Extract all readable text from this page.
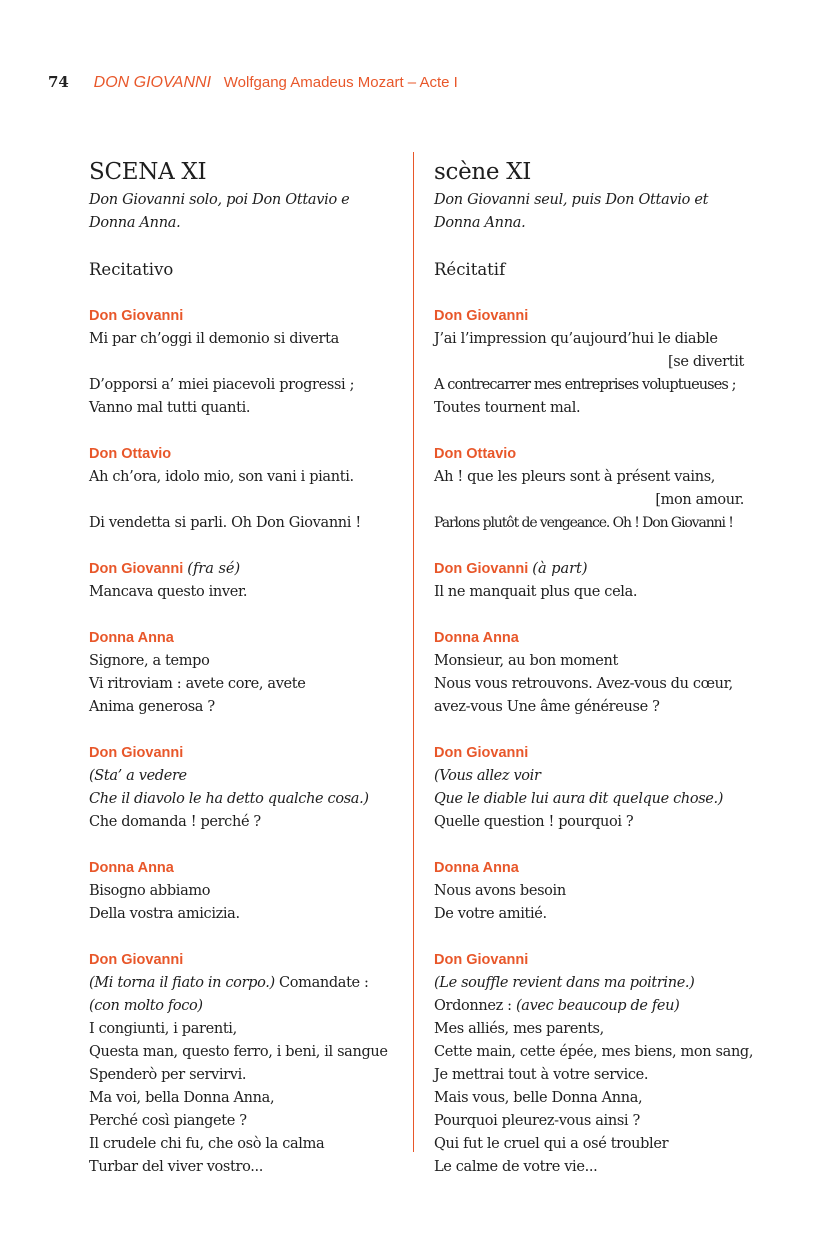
74 DON GIOVANNI Wolfgang Amadeus Mozart – Acte I
SCENA XI
Don Giovanni solo, poi Don Ottavio e Donna Anna.
Recitativo
Don Giovanni
Mi par ch’oggi il demonio si diverta
D’opporsi a’ miei piacevoli progressi ;
Vanno mal tutti quanti.
Don Ottavio
Ah ch’ora, idolo mio, son vani i pianti.
Di vendetta si parli. Oh Don Giovanni !
Don Giovanni (fra sé)
Mancava questo inver.
Donna Anna
Signore, a tempo
Vi ritroviam : avete core, avete
Anima generosa ?
Don Giovanni
(Sta’ a vedere
Che il diavolo le ha detto qualche cosa.)
Che domanda ! perché ?
Donna Anna
Bisogno abbiamo
Della vostra amicizia.
Don Giovanni
(Mi torna il fiato in corpo.) Comandate :
(con molto foco)
I congiunti, i parenti,
Questa man, questo ferro, i beni, il sangue
Spenderò per servirvi.
Ma voi, bella Donna Anna,
Perché così piangete ?
Il crudele chi fu, che osò la calma
Turbar del viver vostro...
scène XI
Don Giovanni seul, puis Don Ottavio et Donna Anna.
Récitatif
Don Giovanni
J’ai l’impression qu’aujourd’hui le diable
[se divertit
A contrecarrer mes entreprises voluptueuses ;
Toutes tournent mal.
Don Ottavio
Ah ! que les pleurs sont à présent vains,
[mon amour.
Parlons plutôt de vengeance. Oh ! Don Giovanni !
Don Giovanni (à part)
Il ne manquait plus que cela.
Donna Anna
Monsieur, au bon moment
Nous vous retrouvons. Avez-vous du cœur,
avez-vous Une âme généreuse ?
Don Giovanni
(Vous allez voir
Que le diable lui aura dit quelque chose.)
Quelle question ! pourquoi ?
Donna Anna
Nous avons besoin
De votre amitié.
Don Giovanni
(Le souffle revient dans ma poitrine.)
Ordonnez : (avec beaucoup de feu)
Mes alliés, mes parents,
Cette main, cette épée, mes biens, mon sang,
Je mettrai tout à votre service.
Mais vous, belle Donna Anna,
Pourquoi pleurez-vous ainsi ?
Qui fut le cruel qui a osé troubler
Le calme de votre vie...
